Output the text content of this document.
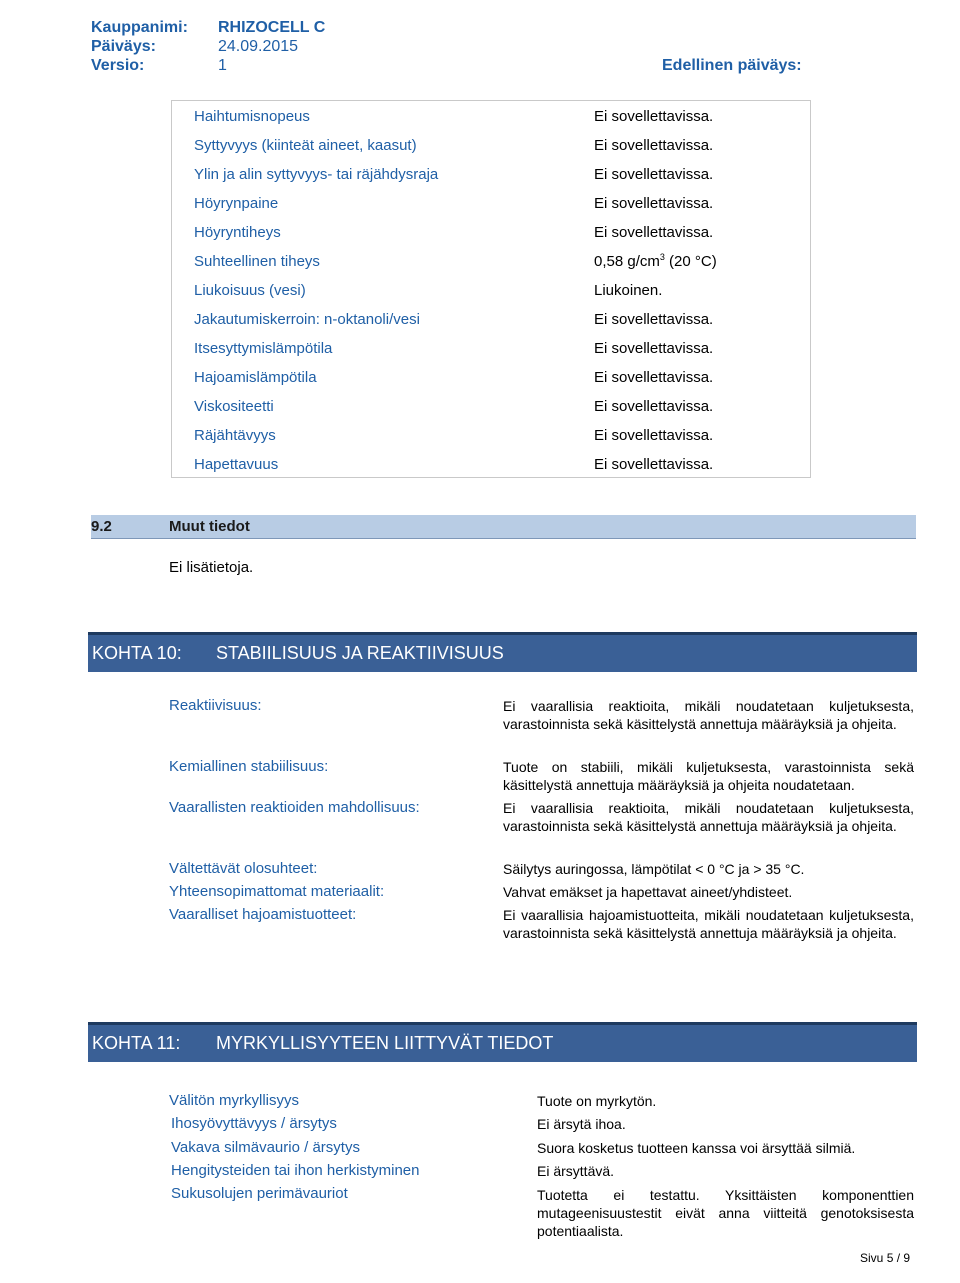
Kauppanimi: RHIZOCELL C
Päiväys:	24.09.2015
Versio:	1	Edellinen päiväys:
Haihtumisnopeus	Ei sovellettavissa.
Syttyvyys (kiinteät aineet, kaasut)	Ei sovellettavissa.
Ylin ja alin syttyvyys- tai räjähdysraja	Ei sovellettavissa.
Höyrynpaine	Ei sovellettavissa.
Höyryntiheys	Ei sovellettavissa.
Suhteellinen tiheys	0,58 $g/cm^3$ (20 °C)
Liukoisuus (vesi)	Liukoinen.
Jakautumiskerroin: n-oktanoli/vesi	Ei sovellettavissa.
Itsesyttymislämpötila	Ei sovellettavissa.
Hajoamislämpötila	Ei sovellettavissa.
Viskositeetti	Ei sovellettavissa.
Räjähtävyys	Ei sovellettavissa.
Hapettavuus	Ei sovellettavissa.
9.2	Muut tiedot
Ei lisätietoja.
KOHTA 10: STABIILISUUS JA REAKTIIVISUUS
Reaktiivisuus:	Ei vaarallisia reaktioita, mikäli noudatetaan kuljetuksesta, varastoinnista sekä käsittelystä annettuja määräyksiä ja ohjeita.
Kemiallinen stabiilisuus:	Tuote on stabiili, mikäli kuljetuksesta, varastoinnista sekä käsittelystä annettuja määräyksiä ja ohjeita noudatetaan.
Vaarallisten reaktioiden mahdollisuus:	Ei vaarallisia reaktioita, mikäli noudatetaan kuljetuksesta, varastoinnista sekä käsittelystä annettuja määräyksiä ja ohjeita.
Vältettävät olosuhteet:	Säilytys auringossa, lämpötilat < 0 °C ja > 35 °C.
Yhteensopimattomat materiaalit:	Vahvat emäkset ja hapettavat aineet/yhdisteet.
Vaaralliset hajoamistuotteet:	Ei vaarallisia hajoamistuotteita, mikäli noudatetaan kuljetuksesta, varastoinnista sekä käsittelystä annettuja määräyksiä ja ohjeita.
KOHTA 11: MYRKYLLISYYTEEN LIITTYVÄT TIEDOT
Välitön myrkyllisyys	Tuote on myrkytön.
Ihosyövyttävyys / ärsytys	Ei ärsytä ihoa.
Vakava silmävaurio / ärsytys	Suora kosketus tuotteen kanssa voi ärsyttää silmiä.
Hengitysteiden tai ihon herkistyminen	Ei ärsyttävä.
Sukusolujen perimävauriot	Tuotetta ei testattu. Yksittäisten komponenttien mutageenisuustestit eivät anna viitteitä genotoksisesta potentiaalista.
Sivu 5 / 9
